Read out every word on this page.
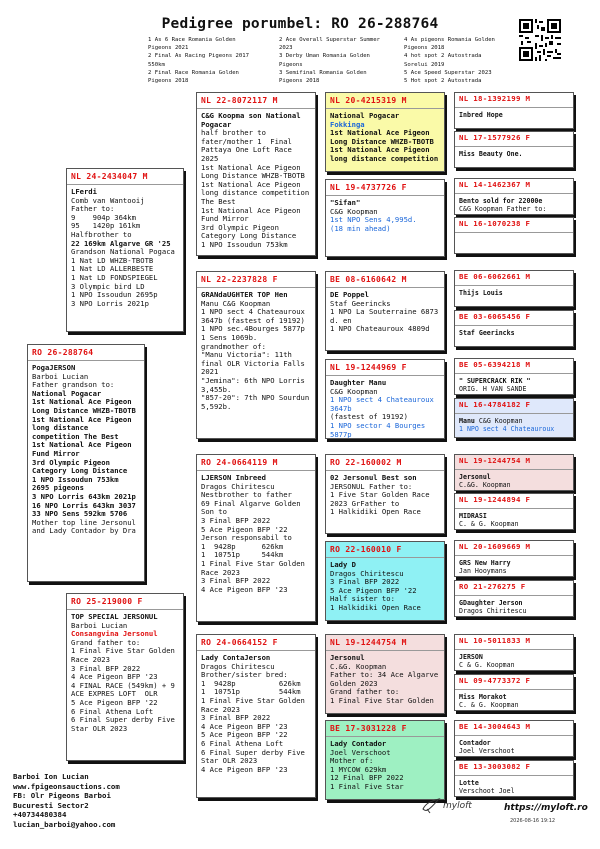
Pedigree porumbel: RO 26-288764
1 As 6 Race Romania Golden
Pigeons 2021
2 Final As Racing Pigeons 2017
550km
2 Final Race Romania Golden
Pigeons 2018
2 Ace Overall Superstar Summer
2023
3 Derby Uman Romania Golden
Pigeons
3 Semifinal Romania Golden
Pigeons 2018
4 As pigeons Romania Golden
Pigeons 2018
4 hot spot 2 Autostrada
Sorelui 2019
5 Ace Speed Superstar 2023
5 Hot spot 2 Autostrada
NL 24-2434047 M
LFerdi
Comb van Wantooij
Father to:
9    904p 364km
95   1420p 161km
Halfbrother to
22 169km Algarve GR '25
Grandson National Pogaca
1 Nat LD WHZB-TBOTB
1 Nat LD ALLERBESTE
1 Nat LD FONDSPIEGEL
3 Olympic bird LD
1 NPO Issoudun 2695p
3 NPO Lorris 2021p
RO 26-288764
PogaJERSON
Barboi Lucian
Father grandson to:
National Pogacar
1st National Ace Pigeon Long Distance WHZB-TBOTB
1st National Ace Pigeon long distance competition The Best
1st National Ace Pigeon Fund Mirror
3rd Olympic Pigeon Category Long Distance
1 NPO Issoudun 753km 2695 pigeons
3 NPO Lorris 643km 2021p
16 NPO Lorris 643km 3037
33 NPO Sens 592km 5706
Mother top line Jersonul and Lady Contador by Dra
RO 25-219000 F
TOP SPECIAL JERSONUL
Barboi Lucian
Consangvina Jersonul
Grand father to:
1 Final Five Star Golden Race 2023
3 Final BFP 2022
4 Ace Pigeon BFP '23
4 FINAL RACE (549km) + 9 ACE EXPRES LOFT  OLR
5 Ace Pigeon BFP '22
6 Final Athena Loft
6 Final Super derby Five Star OLR 2023
NL 22-8072117 M
C&G Koopma son National Pogacar
half brother to fater/mother 1  Final Pattaya One Loft Race 2025
1st National Ace Pigeon Long Distance WHZB-TBOTB
1st National Ace Pigeon long distance competition The Best
1st National Ace Pigeon Fund Mirror
3rd Olympic Pigeon Category Long Distance
1 NPO Issoudun 753km
NL 22-2237828 F
GRANdaUGHTER TOP Hen
Manu C&G Koopman
1 NPO sect 4 Chateauroux 3647b (fastest of 19192)
1 NPO sec.4Bourges 5877p
1 Sens 1069b.
grandmother of:
"Manu Victoria": 11th final OLR Victoria Falls 2021
"Jemina": 6th NPO Lorris 3,455b.
"857-20": 7th NPO Sourdun 5,592b.
RO 24-0664119 M
LJERSON Inbreed
Dragos Chiritescu
Nestbrother to father
69 Final Algarve Golden Son to
3 Final BFP 2022
5 Ace Pigeon BFP '22
Jerson responsabil to
1  9428p      626km
1  10751p     544km
1 Final Five Star Golden Race 2023
3 Final BFP 2022
4 Ace Pigeon BFP '23
RO 24-0664152 F
Lady ContaJerson
Dragos Chiritescu
Brother/sister bred:
1  9428p          626km
1  10751p         544km
1 Final Five Star Golden Race 2023
3 Final BFP 2022
4 Ace Pigeon BFP '23
5 Ace Pigeon BFP '22
6 Final Athena Loft
6 Final Super derby Five Star OLR 2023
4 Ace Pigeon BFP '23
NL 20-4215319 M
National Pogacar
Fokkinga
1st National Ace Pigeon Long Distance WHZB-TBOTB
1st National Ace Pigeon long distance competition
NL 19-4737726 F
"Sifan"
C&G Koopman
1st NPO Sens 4,995d.
(18 min ahead)
BE 08-6160642 M
DE Poppel
Staf Geerincks
1 NPO La Souterraine 6873 d. en
1 NPO Chateauroux 4809d
NL 19-1244969 F
Daughter Manu
C&G Koopman
1 NPO sect 4 Chateauroux 3647b
(fastest of 19192)
1 NPO sector 4 Bourges 5877p
RO 22-160002 M
02 Jersonul Best son
JERSONUL Father to:
1 Five Star Golden Race 2023 GrFather to
1 Halkidiki Open Race
RO 22-160010 F
Lady D
Dragos Chiritescu
3 Final BFP 2022
5 Ace Pigeon BFP '22
Half sister to:
1 Halkidiki Open Race
NL 19-1244754 M
Jersonul
C.&G. Koopman
Father to: 34 Ace Algarve Golden 2023
Grand father to:
1 Final Five Star Golden
BE 17-3031228 F
Lady Contador
Joel Verschoot
Mother of:
1 MYCOW 629km
12 Final BFP 2022
1 Final Five Star
NL 18-1392199 M
Inbred Hope
NL 17-1577926 F
Miss Beauty One.
NL 14-1462367 M
Bento sold for 22000e
C&G Koopman Father to:
NL 16-1070238 F
BE 06-6062661 M
Thijs Louis
BE 03-6065456 F
Staf Geerincks
BE 05-6394218 M
" SUPERCRACK RIK "
ORIG. H VAN SANDE
NL 16-4784182 F
Manu C&G Koopman
1 NPO sect 4 Chateauroux
NL 19-1244754 M
Jersonul
C.&G. Koopman
NL 19-1244894 F
MIDRASI
C. & G. Koopman
NL 20-1609669 M
GRS New Harry
Jan Hooymans
RO 21-276275 F
GDaughter Jerson
Dragos Chiritescu
NL 10-5011833 M
JERSON
C & G. Koopman
NL 09-4773372 F
Miss Morakot
C. & G. Koopman
BE 14-3004643 M
Contador
Joel Verschoot
BE 13-3003082 F
Lotte
Verschoot Joel
Barboi Ion Lucian
www.fpigeonsauctions.com
FB: Olr Pigeons Barboi
Bucuresti Sector2
+40734480384
lucian_barboi@yahoo.com
myloft	https://myloft.ro
2026-08-16 19:12
